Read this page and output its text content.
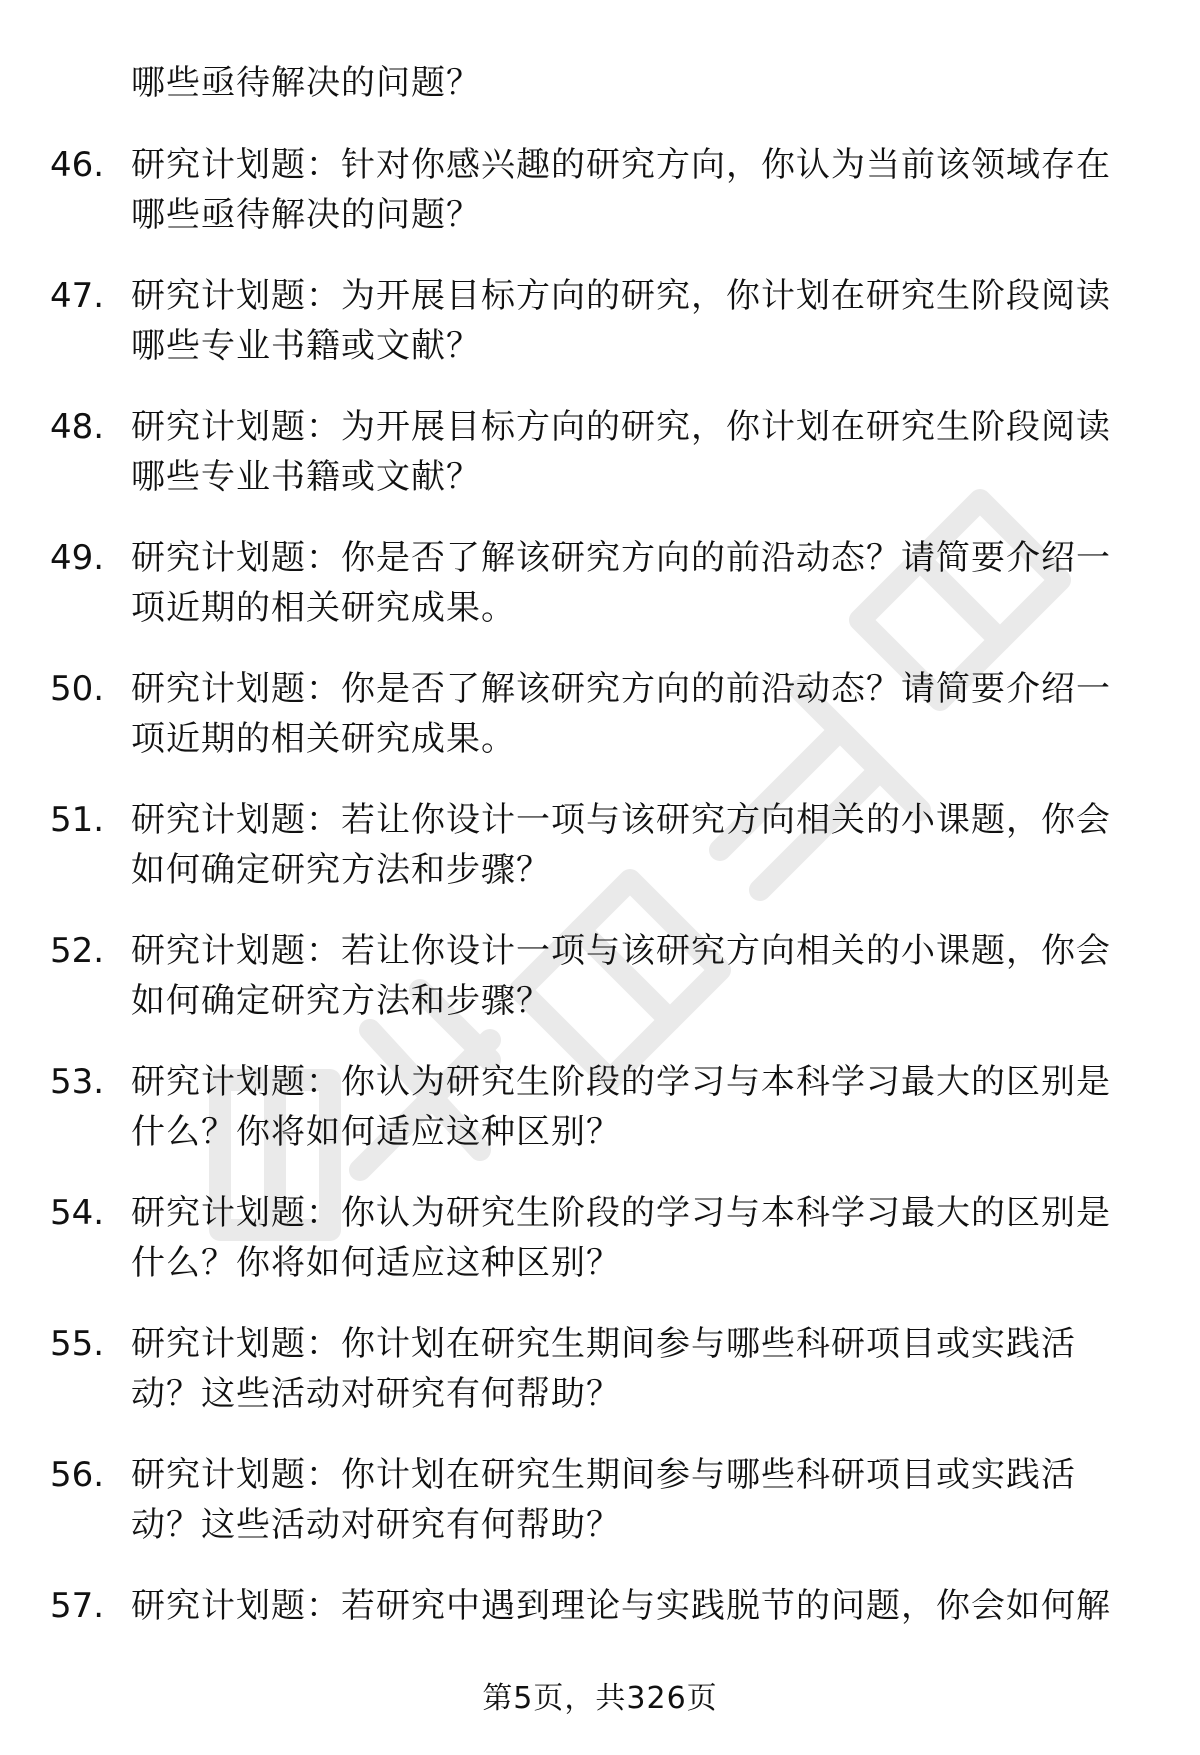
哪些亟待解决的问题？
46. 研究计划题：针对你感兴趣的研究方向，你认为当前该领域存在
哪些亟待解决的问题？
47. 研究计划题：为开展目标方向的研究，你计划在研究生阶段阅读
哪些专业书籍或文献？
48. 研究计划题：为开展目标方向的研究，你计划在研究生阶段阅读
哪些专业书籍或文献？
49. 研究计划题：你是否了解该研究方向的前沿动态？请简要介绍一
项近期的相关研究成果。
50. 研究计划题：你是否了解该研究方向的前沿动态？请简要介绍一
项近期的相关研究成果。
51. 研究计划题：若让你设计一项与该研究方向相关的小课题，你会
如何确定研究方法和步骤？
52. 研究计划题：若让你设计一项与该研究方向相关的小课题，你会
如何确定研究方法和步骤？
53. 研究计划题：你认为研究生阶段的学习与本科学习最大的区别是
什么？你将如何适应这种区别？
54. 研究计划题：你认为研究生阶段的学习与本科学习最大的区别是
什么？你将如何适应这种区别？
55. 研究计划题：你计划在研究生期间参与哪些科研项目或实践活
动？这些活动对研究有何帮助？
56. 研究计划题：你计划在研究生期间参与哪些科研项目或实践活
动？这些活动对研究有何帮助？
57. 研究计划题：若研究中遇到理论与实践脱节的问题，你会如何解
第5页，共326页
